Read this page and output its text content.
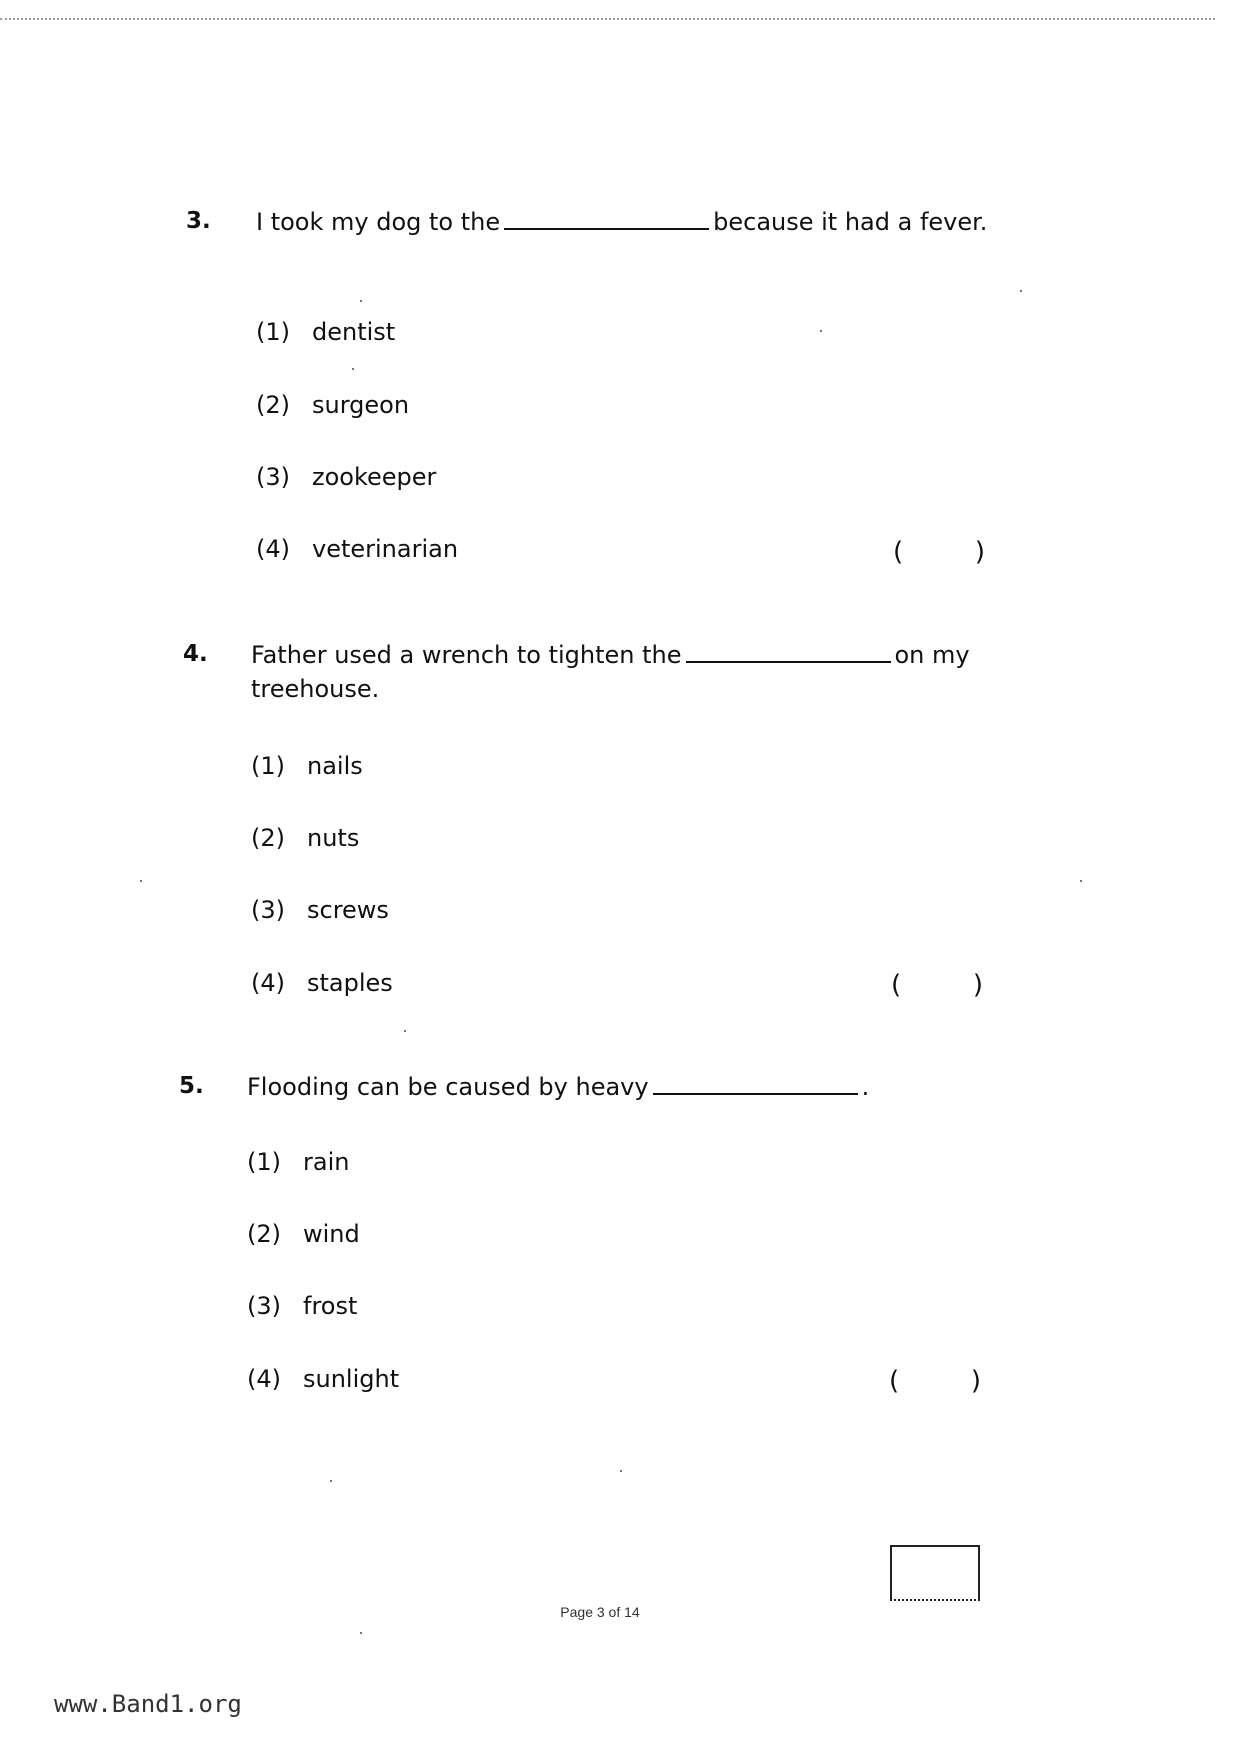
3. I took my dog to the	because it had a fever.
(1) dentist
(2) surgeon
(3) zookeeper
(4) veterinarian	(	)
4. Father used a wrench to tighten the	on my treehouse.
(1) nails
(2) nuts
(3) screws
(4) staples	(	)
5. Flooding can be caused by heavy	.
(1) rain
(2) wind
(3) frost
(4) sunlight	(	)
Page 3 of 14
www.Band1.org
